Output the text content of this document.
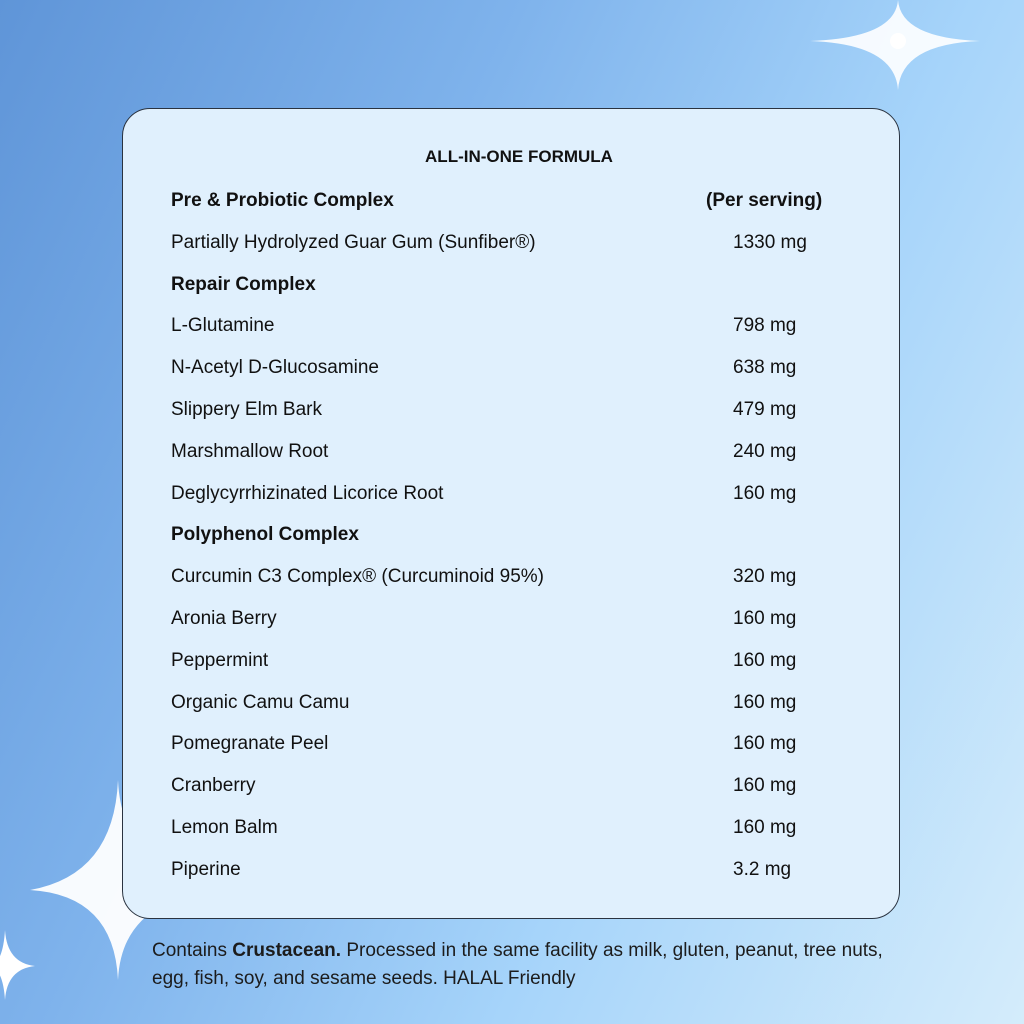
ALL-IN-ONE FORMULA
Pre & Probiotic Complex	(Per serving)
Partially Hydrolyzed Guar Gum (Sunfiber®)	1330 mg
Repair Complex
L-Glutamine	798 mg
N-Acetyl D-Glucosamine	638 mg
Slippery Elm Bark	479 mg
Marshmallow Root	240 mg
Deglycyrrhizinated Licorice Root	160 mg
Polyphenol Complex
Curcumin C3 Complex® (Curcuminoid 95%)	320 mg
Aronia Berry	160 mg
Peppermint	160 mg
Organic Camu Camu	160 mg
Pomegranate Peel	160 mg
Cranberry	160 mg
Lemon Balm	160 mg
Piperine	3.2 mg
Contains Crustacean. Processed in the same facility as milk, gluten, peanut, tree nuts, egg, fish, soy, and sesame seeds. HALAL Friendly
